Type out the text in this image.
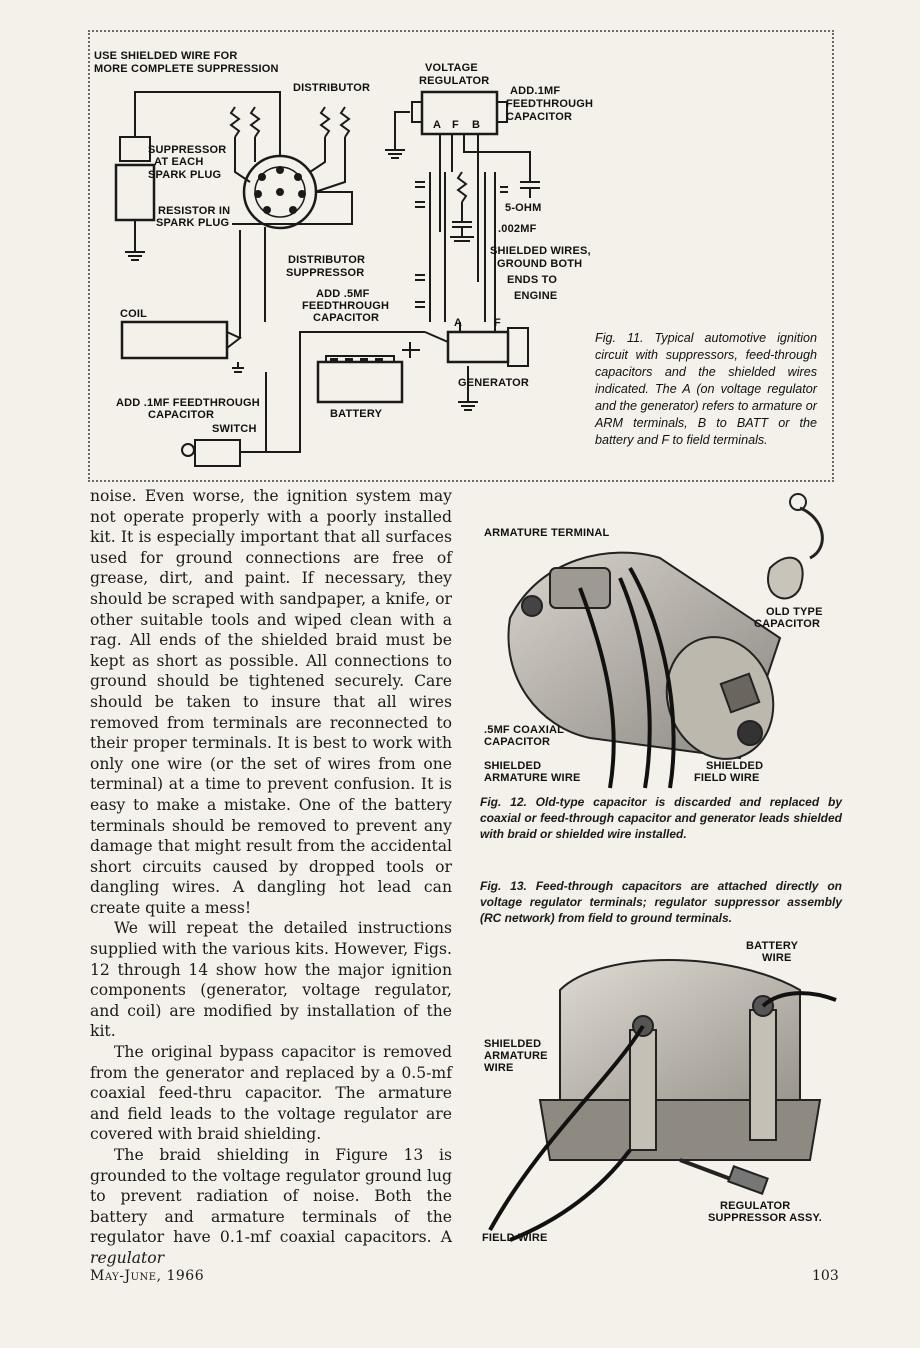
USE SHIELDED WIRE FOR
MORE COMPLETE SUPPRESSION
DISTRIBUTOR
VOLTAGE
REGULATOR
ADD.1MF
FEEDTHROUGH
CAPACITOR
SUPPRESSOR
AT EACH
SPARK PLUG
RESISTOR IN
SPARK PLUG
A F B
5-OHM
.002MF
SHIELDED WIRES,
GROUND BOTH
ENDS TO
ENGINE
DISTRIBUTOR
SUPPRESSOR
ADD .5MF
FEEDTHROUGH
CAPACITOR
COIL
A	F
GENERATOR
ADD .1MF FEEDTHROUGH
CAPACITOR
SWITCH
BATTERY
Fig. 11. Typical automotive ignition circuit with suppressors, feed-through capacitors and the shielded wires indicated. The A (on voltage regulator and the generator) refers to armature or ARM terminals, B to BATT or the battery and F to field terminals.

noise. Even worse, the ignition system may not operate properly with a poorly installed kit. It is especially important that all surfaces used for ground connections are free of grease, dirt, and paint. If necessary, they should be scraped with sandpaper, a knife, or other suitable tools and wiped clean with a rag. All ends of the shielded braid must be kept as short as possible. All connections to ground should be tightened securely. Care should be taken to insure that all wires removed from terminals are reconnected to their proper terminals. It is best to work with only one wire (or the set of wires from one terminal) at a time to prevent confusion. It is easy to make a mistake. One of the battery terminals should be removed to prevent any damage that might result from the accidental short circuits caused by dropped tools or dangling wires. A dangling hot lead can create quite a mess!

We will repeat the detailed instructions supplied with the various kits. However, Figs. 12 through 14 show how the major ignition components (generator, voltage regulator, and coil) are modified by installation of the kit.

The original bypass capacitor is removed from the generator and replaced by a 0.5-mf coaxial feed-thru capacitor. The armature and field leads to the voltage regulator are covered with braid shielding.

The braid shielding in Figure 13 is grounded to the voltage regulator ground lug to prevent radiation of noise. Both the battery and armature terminals of the regulator have 0.1-mf coaxial capacitors. A regulator

ARMATURE TERMINAL
OLD TYPE
CAPACITOR
.5MF COAXIAL
CAPACITOR
SHIELDED
ARMATURE WIRE
SHIELDED
FIELD WIRE
Fig. 12. Old-type capacitor is discarded and replaced by coaxial or feed-through capacitor and generator leads shielded with braid or shielded wire installed.
Fig. 13. Feed-through capacitors are attached directly on voltage regulator terminals; regulator suppressor assembly (RC network) from field to ground terminals.
BATTERY
WIRE
SHIELDED
ARMATURE
WIRE
REGULATOR
SUPPRESSOR ASSY.
FIELD WIRE
May-June, 1966	103
